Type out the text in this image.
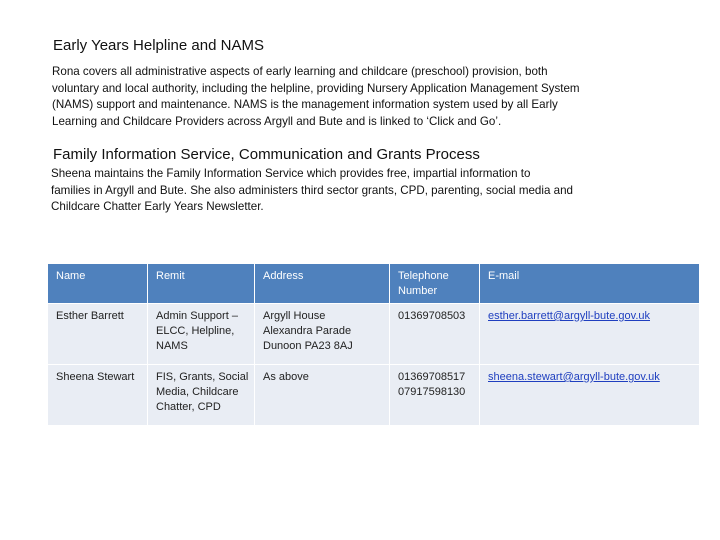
Early Years Helpline and NAMS
Rona covers all administrative aspects of early learning and childcare (preschool) provision, both
voluntary and local authority, including the helpline, providing Nursery Application Management System
(NAMS) support and maintenance. NAMS is the management information system used by all Early
Learning and Childcare Providers across Argyll and Bute and is linked to ‘Click and Go’.
Family Information Service, Communication and Grants Process
Sheena maintains the Family Information Service which provides free, impartial information to
families in Argyll and Bute. She also administers third sector grants, CPD, parenting, social media and
Childcare Chatter Early Years Newsletter.
Name	Remit	Address	Telephone
Number	E-mail
Esther Barrett	Admin Support –
ELCC, Helpline,
NAMS	Argyll House
Alexandra Parade
Dunoon PA23 8AJ	01369708503	esther.barrett@argyll-bute.gov.uk
Sheena Stewart	FIS, Grants, Social
Media, Childcare
Chatter, CPD	As above	01369708517
07917598130	sheena.stewart@argyll-bute.gov.uk
